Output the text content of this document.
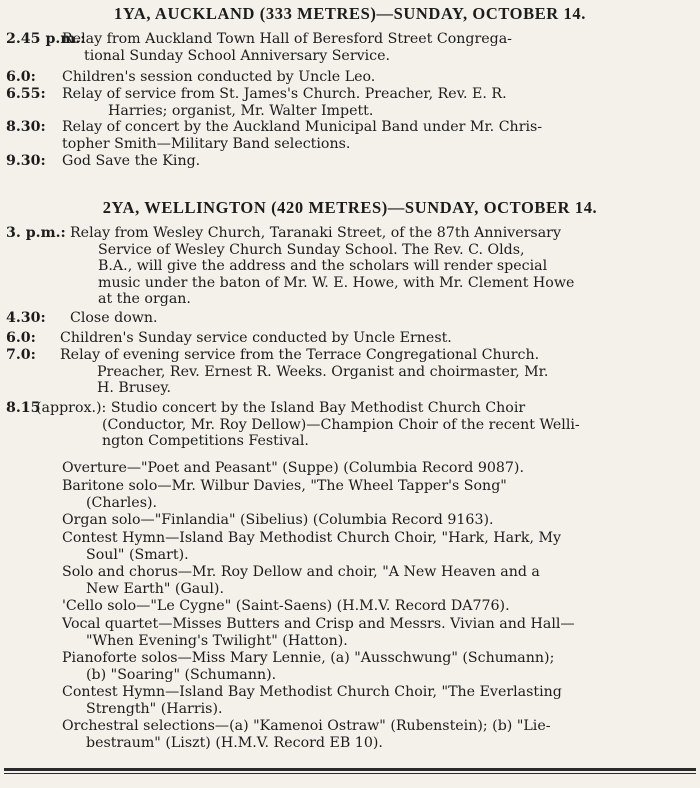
1YA, AUCKLAND (333 METRES)—SUNDAY, OCTOBER 14.
2.45 p.m.:
Relay from Auckland Town Hall of Beresford Street Congrega-
tional Sunday School Anniversary Service.
6.0: Children's session conducted by Uncle Leo.
6.55: Relay of service from St. James's Church. Preacher, Rev. E. R.
Harries; organist, Mr. Walter Impett.
8.30: Relay of concert by the Auckland Municipal Band under Mr. Chris-
topher Smith—Military Band selections.
9.30: God Save the King.
2YA, WELLINGTON (420 METRES)—SUNDAY, OCTOBER 14.
3. p.m.: Relay from Wesley Church, Taranaki Street, of the 87th Anniversary
Service of Wesley Church Sunday School. The Rev. C. Olds,
B.A., will give the address and the scholars will render special
music under the baton of Mr. W. E. Howe, with Mr. Clement Howe
at the organ.
4.30: Close down.
6.0: Children's Sunday service conducted by Uncle Ernest.
7.0: Relay of evening service from the Terrace Congregational Church.
Preacher, Rev. Ernest R. Weeks. Organist and choirmaster, Mr.
H. Brusey.
8.15
(approx.): Studio concert by the Island Bay Methodist Church Choir
(Conductor, Mr. Roy Dellow)—Champion Choir of the recent Welli-
ngton Competitions Festival.
Overture—"Poet and Peasant" (Suppe) (Columbia Record 9087).
Baritone solo—Mr. Wilbur Davies, "The Wheel Tapper's Song"
(Charles).
Organ solo—"Finlandia" (Sibelius) (Columbia Record 9163).
Contest Hymn—Island Bay Methodist Church Choir, "Hark, Hark, My
Soul" (Smart).
Solo and chorus—Mr. Roy Dellow and choir, "A New Heaven and a
New Earth" (Gaul).
'Cello solo—"Le Cygne" (Saint-Saens) (H.M.V. Record DA776).
Vocal quartet—Misses Butters and Crisp and Messrs. Vivian and Hall—
"When Evening's Twilight" (Hatton).
Pianoforte solos—Miss Mary Lennie, (a) "Ausschwung" (Schumann);
(b) "Soaring" (Schumann).
Contest Hymn—Island Bay Methodist Church Choir, "The Everlasting
Strength" (Harris).
Orchestral selections—(a) "Kamenoi Ostraw" (Rubenstein); (b) "Lie-
bestraum" (Liszt) (H.M.V. Record EB 10).
